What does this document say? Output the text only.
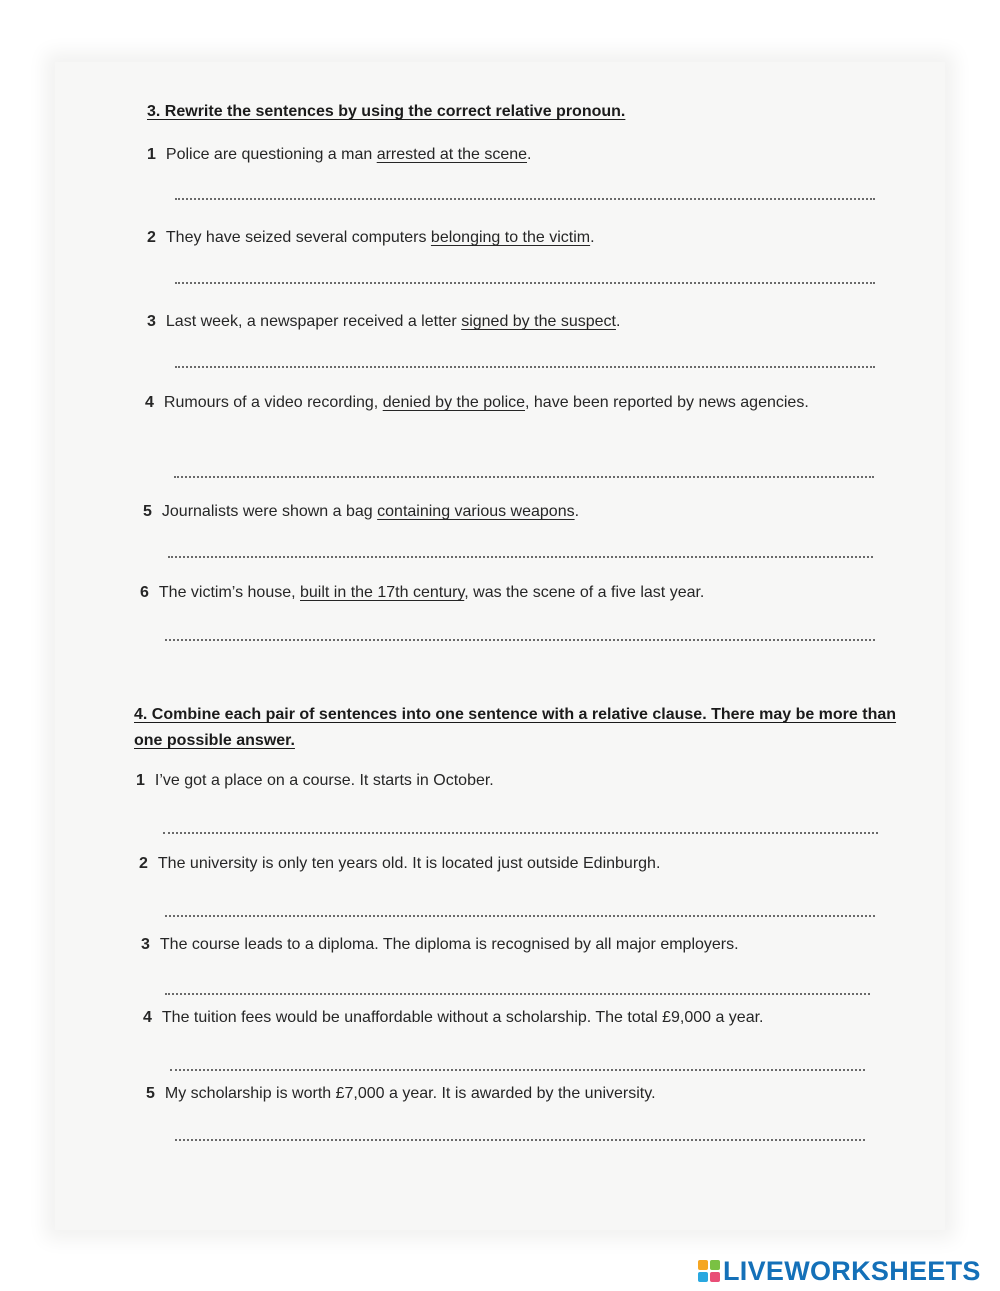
3. Rewrite the sentences by using the correct relative pronoun.
1 Police are questioning a man arrested at the scene.
2 They have seized several computers belonging to the victim.
3 Last week, a newspaper received a letter signed by the suspect.
4 Rumours of a video recording, denied by the police, have been reported by news agencies.
5 Journalists were shown a bag containing various weapons.
6 The victim’s house, built in the 17th century, was the scene of a five last year.
4. Combine each pair of sentences into one sentence with a relative clause. There may be more than one possible answer.
1 I’ve got a place on a course. It starts in October.
2 The university is only ten years old. It is located just outside Edinburgh.
3 The course leads to a diploma. The diploma is recognised by all major employers.
4 The tuition fees would be unaffordable without a scholarship. The total £9,000 a year.
5 My scholarship is worth £7,000 a year. It is awarded by the university.
LIVEWORKSHEETS
